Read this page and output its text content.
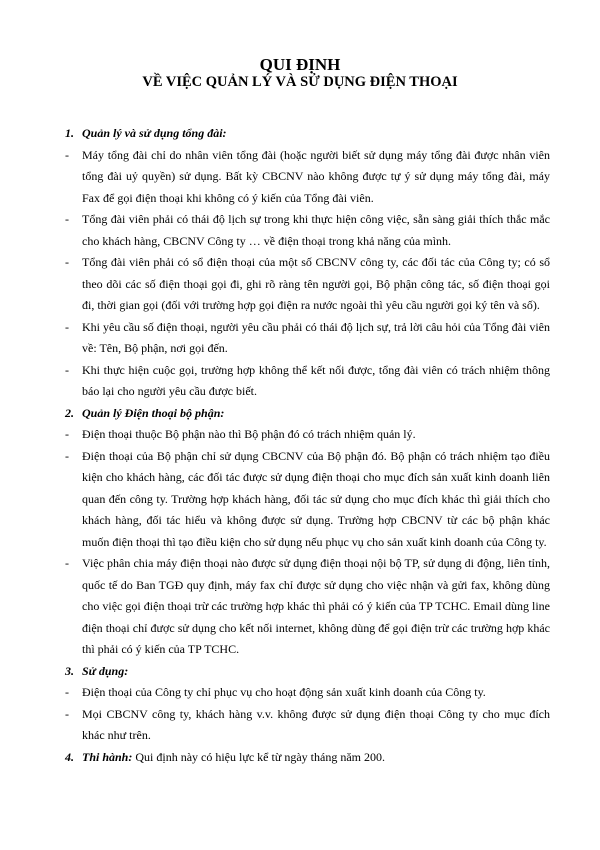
QUI ĐỊNH
VỀ VIỆC QUẢN LÝ VÀ SỬ DỤNG ĐIỆN THOẠI
1. Quản lý và sử dụng tổng đài:
- Máy tổng đài chỉ do nhân viên tổng đài (hoặc người biết sử dụng máy tổng đài được nhân viên tổng đài uỷ quyền) sử dụng. Bất kỳ CBCNV nào không được tự ý sử dụng máy tổng đài, máy Fax để gọi điện thoại khi không có ý kiến của Tổng đài viên.
- Tổng đài viên phải có thái độ lịch sự trong khi thực hiện công việc, sẵn sàng giải thích thắc mắc cho khách hàng, CBCNV Công ty … về điện thoại trong khả năng của mình.
- Tổng đài viên phải có sổ điện thoại của một số CBCNV công ty, các đối tác của Công ty; có sổ theo dõi các số điện thoại gọi đi, ghi rõ ràng tên người gọi, Bộ phận công tác, số điện thoại gọi đi, thời gian gọi (đối với trường hợp gọi điện ra nước ngoài thì yêu cầu người gọi ký tên và số).
- Khi yêu cầu số điện thoại, người yêu cầu phải có thái độ lịch sự, trả lời câu hỏi của Tổng đài viên về: Tên, Bộ phận, nơi gọi đến.
- Khi thực hiện cuộc gọi, trường hợp không thể kết nối được, tổng đài viên có trách nhiệm thông báo lại cho người yêu cầu được biết.
2. Quản lý Điện thoại bộ phận:
- Điện thoại thuộc Bộ phận nào thì Bộ phận đó có trách nhiệm quản lý.
- Điện thoại của Bộ phận chỉ sử dụng CBCNV của Bộ phận đó. Bộ phận có trách nhiệm tạo điều kiện cho khách hàng, các đối tác được sử dụng điện thoại cho mục đích sản xuất kinh doanh liên quan đến công ty. Trường hợp khách hàng, đối tác sử dụng cho mục đích khác thì giải thích cho khách hàng, đối tác hiểu và không được sử dụng. Trường hợp CBCNV từ các bộ phận khác muốn điện thoại thì tạo điều kiện cho sử dụng nếu phục vụ cho sản xuất kinh doanh của Công ty.
- Việc phân chia máy điện thoại nào được sử dụng điện thoại nội bộ TP, sử dụng di động, liên tỉnh, quốc tế do Ban TGĐ quy định, máy fax chỉ được sử dụng cho việc nhận và gửi fax, không dùng cho việc gọi điện thoại trừ các trường hợp khác thì phải có ý kiến của TP TCHC. Email dùng line điện thoại chỉ được sử dụng cho kết nối internet, không dùng để gọi điện trừ các trường hợp khác thì phải có ý kiến của TP TCHC.
3. Sử dụng:
- Điện thoại của Công ty chỉ phục vụ cho hoạt động sản xuất kinh doanh của Công ty.
- Mọi CBCNV công ty, khách hàng v.v. không được sử dụng điện thoại Công ty cho mục đích khác như trên.
4. Thi hành: Qui định này có hiệu lực kể từ ngày tháng năm 200.
